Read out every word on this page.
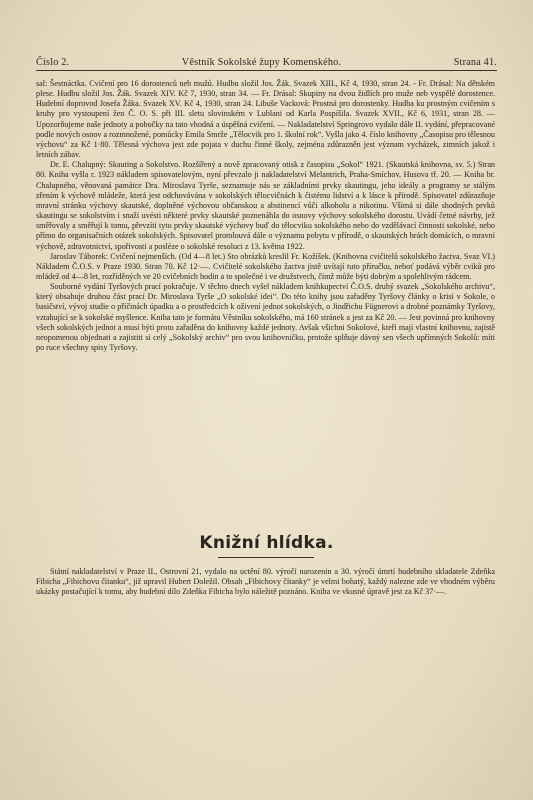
Číslo 2.	Věstník Sokolské župy Komenského.	Strana 41.

sal: Šestnáctka. Cvičení pro 16 dorostenců neb mužů. Hudbu složil Jos. Žák. Svazek XIII., Kč 4, 1930, stran 24. - Fr. Drásal: Na dětském plese. Hudbu složil Jos. Žák. Svazek XIV. Kč 7, 1930, stran 34. — Fr. Drásal: Skupiny na dvou židlích pro muže neb vyspělé dorostence. Hudební doprovod Josefa Žáka. Svazek XV. Kč 4, 1930, stran 24. Libuše Vacková: Prostná pro dorostenky. Hudba ku prostným cvičením s kruhy pro vystoupení žen Č. O. S. při III. sletu slovinském v Lublani od Karla Pospíšila. Svazek XVII., Kč 6, 1931, stran 28. — Upozorňujeme naše jednoty a pobočky na tato vhodná a úspěšná cvičení. — Nakladatelství Springrovo vydalo dále II. vydání, přepracované podle nových osnov a rozmnožené, pomůcky Emila Smrže „Tělocvik pro 1. školní rok“. Vyšla jako 4. číslo knihovny „Časopisu pro tělesnou výchovu“ za Kč 1·80. Tělesná výchova jest zde pojata v duchu činné školy, zejména zdůrazněn jest význam vycházek, zimních jakož i letních zábav.

Dr. E. Chalupný: Skauting a Sokolstvo. Rozšířený a nově zpracovaný otisk z časopisu „Sokol“ 1921. (Skautská knihovna, sv. 5.) Stran 80. Kniha vyšla r. 1923 nákladem spisovatelovým, nyní převzalo ji nakladatelství Melantrich, Praha-Smíchov, Husova tř. 20. — Kniha br. Chalupného, věnovaná památce Dra. Miroslava Tyrše, seznamuje nás se základními prvky skautingu, jeho ideály a programy se stálým zřením k výchově mládeže, která jest odchovávána v sokolských tělocvičnách k čistému lidství a k lásce k přírodě. Spisovatel zdůrazňuje mravní stránku výchovy skautské, doplněné výchovou občanskou a abstinencí vůči alkoholu a nikotinu. Všímá si dále shodných prvků skautingu se sokolstvím i snaží uvésti některé prvky skautské poznenáhla do osnovy výchovy sokolského dorostu. Uvádí četné návrhy, jež směřovaly a směřují k tomu, převzíti tyto prvky skautské výchovy buď do tělocviku sokolského nebo do vzdělávací činnosti sokolské, nebo přímo do organisačních otázek sokolských. Spisovatel promlouvá dále o významu pobytu v přírodě, o skautských hrách domácích, o mravní výchově, zdravotnictví, spořivosti a posléze o sokolské resoluci z 13. května 1922.

Jaroslav Táborek: Cvičení nejmenších. (Od 4—8 let.) Sto obrázků kreslil Fr. Kožíšek. (Knihovna cvičitelů sokolského žactva. Svaz VI.) Nákladem Č.O.S. v Praze 1930. Stran 70. Kč 12·—. Cvičitelé sokolského žactva jistě uvítají tuto příručku, neboť podává výběr cviků pro mládež od 4—8 let, rozříděných ve 20 cvičebních hodin a to společné i ve družstvech, čímž může býti dobrým a spolehlivým rádcem.

Souborné vydání Tyršových prací pokračuje. V těchto dnech vyšel nákladem knihkupectví Č.O.S. druhý svazek „Sokolského archivu“, který obsahuje druhou část prací Dr. Miroslava Tyrše „O sokolské idei“. Do této knihy jsou zařaděny Tyršovy články o krisi v Sokole, o basičství, vývoj studie o příčinách úpadku a o prostředcích k oživení jednot sokolských, o Jindřichu Fügnerovi a drobné poznámky Tyršovy, vztahující se k sokolské myšlence. Kniha tato je formátu Věstníku sokolského, má 160 stránek a jest za Kč 20. — Jest povinná pro knihovny všech sokolských jednot a musí býti proto zařaděna do knihovny každé jednoty. Avšak všichni Sokolové, kteří mají vlastní knihovnu, zajistě neopomenou objednati a zajistiti si celý „Sokolský archiv“ pro svou knihovničku, protože splňuje dávný sen všech upřímných Sokolů: míti po ruce všechny spisy Tyršovy.

Knižní hlídka.

Státní nakladatelství v Praze II., Ostrovní 21, vydalo na uctění 80. výročí narozenin a 30. výročí úmrtí hudebního skladatele Zdeňka Fibicha „Fibichovu čítanku“, již upravil Hubert Doležil. Obsah „Fibichovy čítanky“ je velmi bohatý, každý nalezne zde ve vhodném výběru ukázky postačující k tomu, aby hudební dílo Zdeňka Fibicha bylo náležitě poznáno. Kniha ve vkusné úpravě jest za Kč 37·—.
